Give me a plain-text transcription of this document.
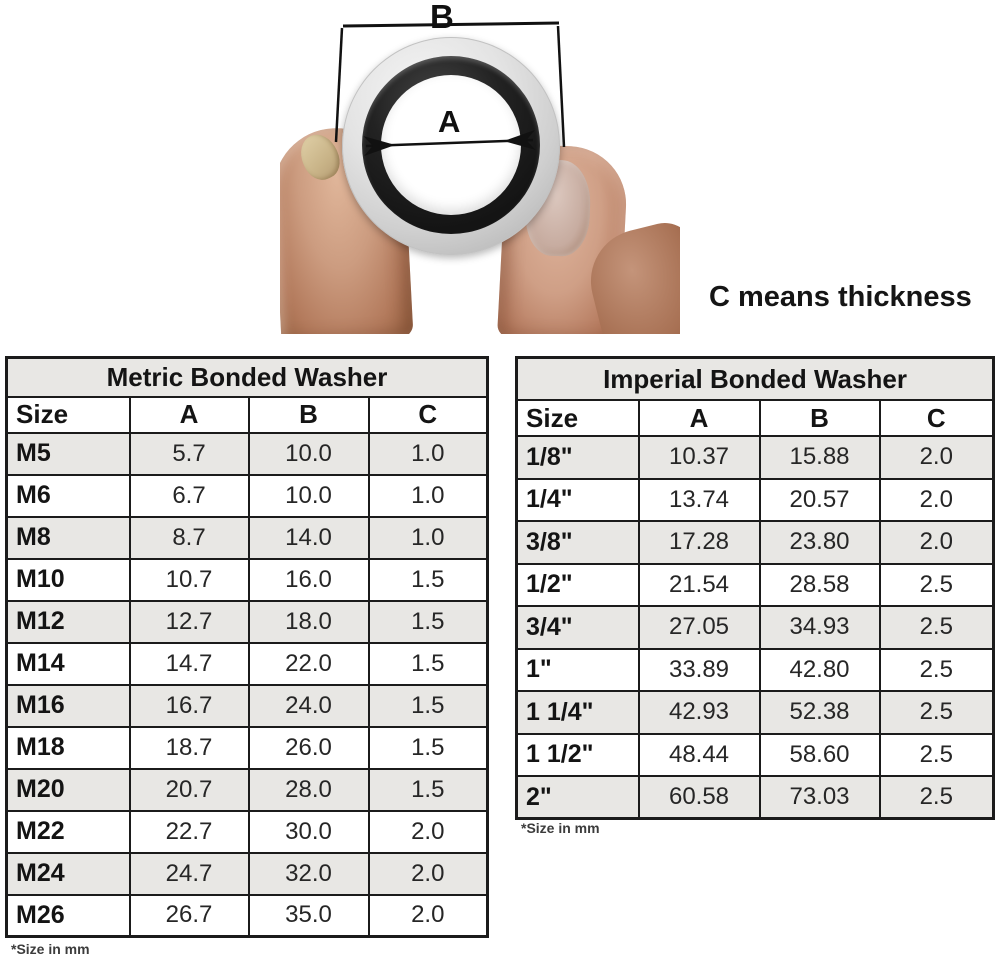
B
A
C means thickness
Metric Bonded Washer			
Size	A	B	C
M5	5.7	10.0	1.0
M6	6.7	10.0	1.0
M8	8.7	14.0	1.0
M10	10.7	16.0	1.5
M12	12.7	18.0	1.5
M14	14.7	22.0	1.5
M16	16.7	24.0	1.5
M18	18.7	26.0	1.5
M20	20.7	28.0	1.5
M22	22.7	30.0	2.0
M24	24.7	32.0	2.0
M26	26.7	35.0	2.0
*Size in mm
Imperial Bonded Washer			
Size	A	B	C
1/8"	10.37	15.88	2.0
1/4"	13.74	20.57	2.0
3/8"	17.28	23.80	2.0
1/2"	21.54	28.58	2.5
3/4"	27.05	34.93	2.5
1"	33.89	42.80	2.5
1 1/4"	42.93	52.38	2.5
1 1/2"	48.44	58.60	2.5
2"	60.58	73.03	2.5
*Size in mm
